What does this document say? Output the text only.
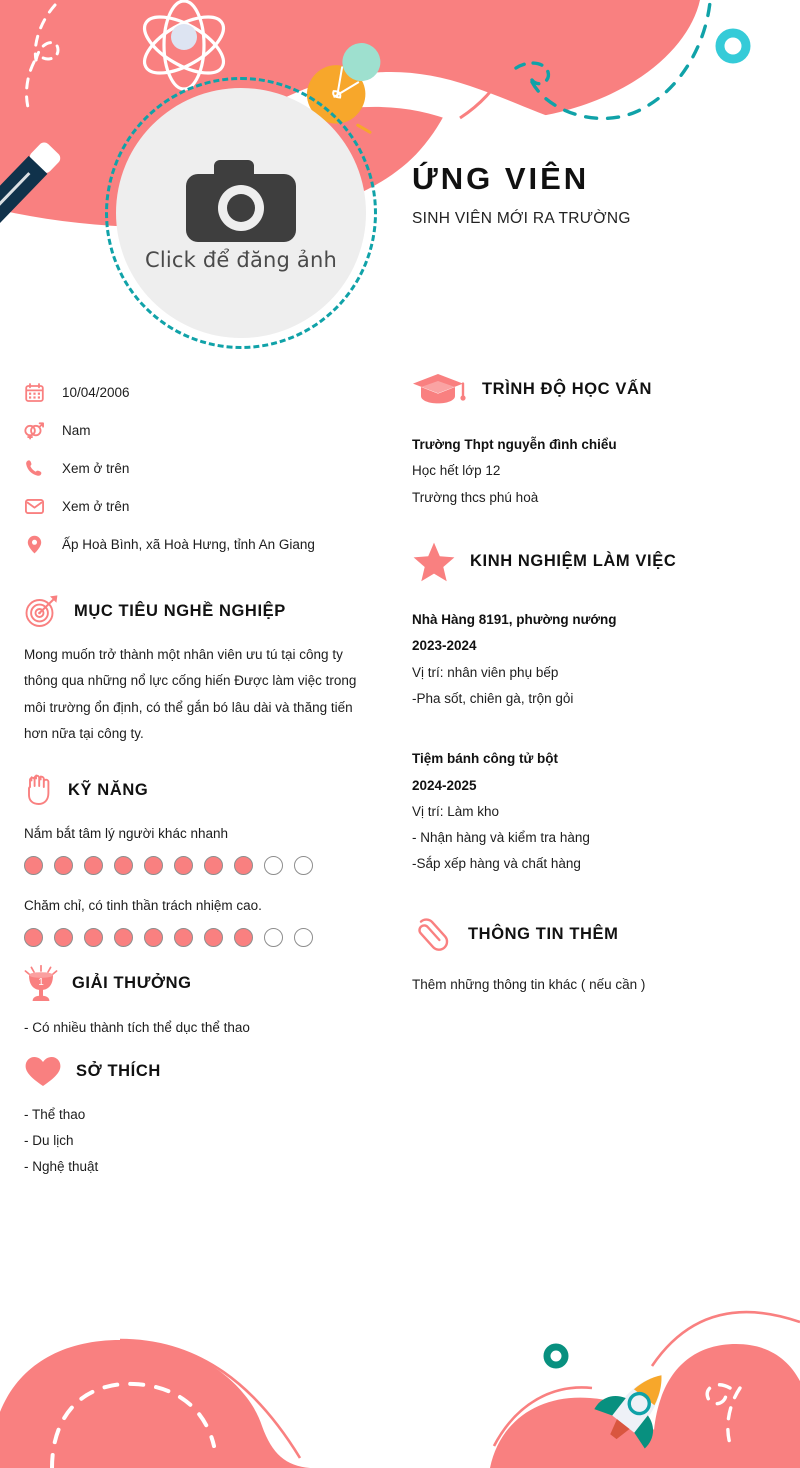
Click để đăng ảnh
ỨNG VIÊN
SINH VIÊN MỚI RA TRƯỜNG
10/04/2006
Nam
Xem ở trên
Xem ở trên
Ấp Hoà Bình, xã Hoà Hưng, tỉnh An Giang
MỤC TIÊU NGHỀ NGHIỆP
Mong muốn trở thành một nhân viên ưu tú tại công ty thông qua những nổ lực cống hiến Được làm việc trong môi trường ổn định, có thể gắn bó lâu dài và thăng tiến hơn nữa tại công ty.
KỸ NĂNG
Nắm bắt tâm lý người khác nhanh
Chăm chỉ, có tinh thần trách nhiệm cao.
1 GIẢI THƯỞNG
- Có nhiều thành tích thể dục thể thao
SỞ THÍCH
- Thể thao
- Du lịch
- Nghệ thuật
TRÌNH ĐỘ HỌC VẤN
Trường Thpt nguyễn đình chiểu
Học hết lớp 12
Trường thcs phú hoà
KINH NGHIỆM LÀM VIỆC
Nhà Hàng 8191, phường nướng
2023-2024
Vị trí: nhân viên phụ bếp
-Pha sốt, chiên gà, trộn gỏi
Tiệm bánh công tử bột
2024-2025
Vị trí: Làm kho
- Nhận hàng và kiểm tra hàng
-Sắp xếp hàng và chất hàng
THÔNG TIN THÊM
Thêm những thông tin khác ( nếu cần )
